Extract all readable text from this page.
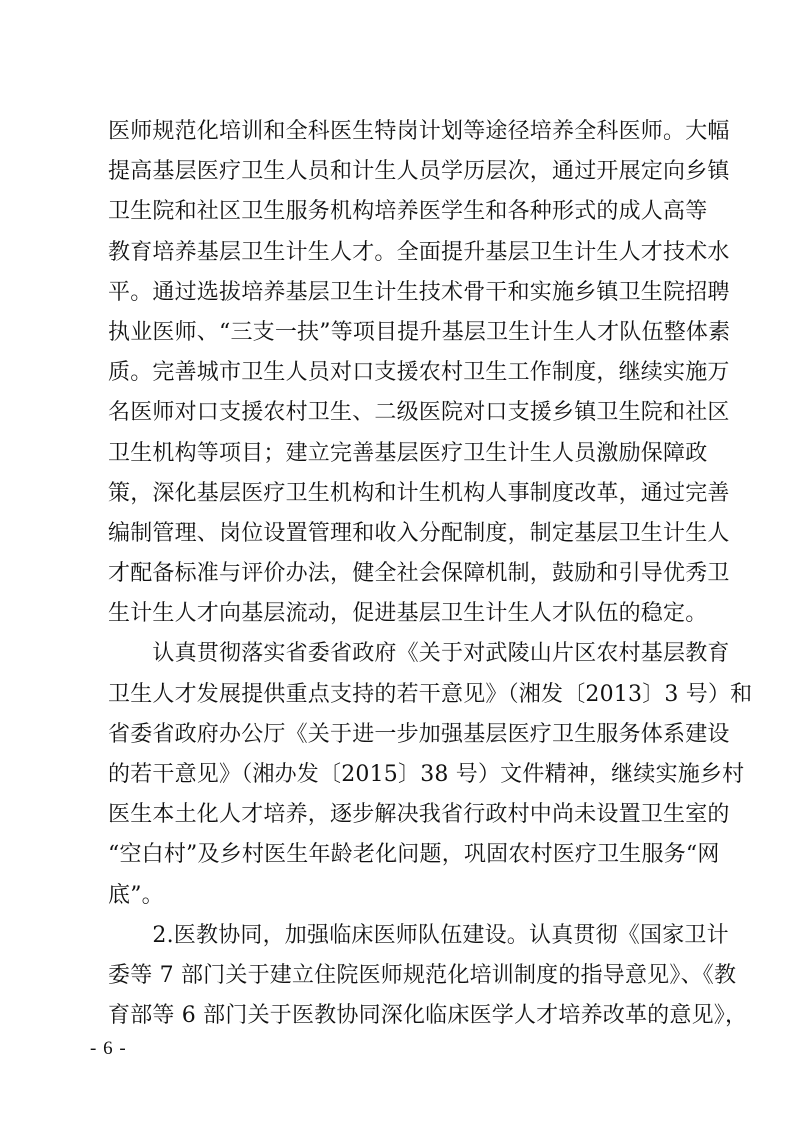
医师规范化培训和全科医生特岗计划等途径培养全科医师。大幅
提高基层医疗卫生人员和计生人员学历层次，通过开展定向乡镇
卫生院和社区卫生服务机构培养医学生和各种形式的成人高等
教育培养基层卫生计生人才。全面提升基层卫生计生人才技术水
平。通过选拔培养基层卫生计生技术骨干和实施乡镇卫生院招聘
执业医师、“三支一扶”等项目提升基层卫生计生人才队伍整体素
质。完善城市卫生人员对口支援农村卫生工作制度，继续实施万
名医师对口支援农村卫生、二级医院对口支援乡镇卫生院和社区
卫生机构等项目；建立完善基层医疗卫生计生人员激励保障政
策，深化基层医疗卫生机构和计生机构人事制度改革，通过完善
编制管理、岗位设置管理和收入分配制度，制定基层卫生计生人
才配备标准与评价办法，健全社会保障机制，鼓励和引导优秀卫
生计生人才向基层流动，促进基层卫生计生人才队伍的稳定。
　　认真贯彻落实省委省政府《关于对武陵山片区农村基层教育
卫生人才发展提供重点支持的若干意见》（湘发〔2013〕3 号）和
省委省政府办公厅《关于进一步加强基层医疗卫生服务体系建设
的若干意见》（湘办发〔2015〕38 号）文件精神，继续实施乡村
医生本土化人才培养，逐步解决我省行政村中尚未设置卫生室的
“空白村”及乡村医生年龄老化问题，巩固农村医疗卫生服务“网
底”。
　　2.医教协同，加强临床医师队伍建设。认真贯彻《国家卫计
委等 7 部门关于建立住院医师规范化培训制度的指导意见》、《教
育部等 6 部门关于医教协同深化临床医学人才培养改革的意见》，
- 6 -
